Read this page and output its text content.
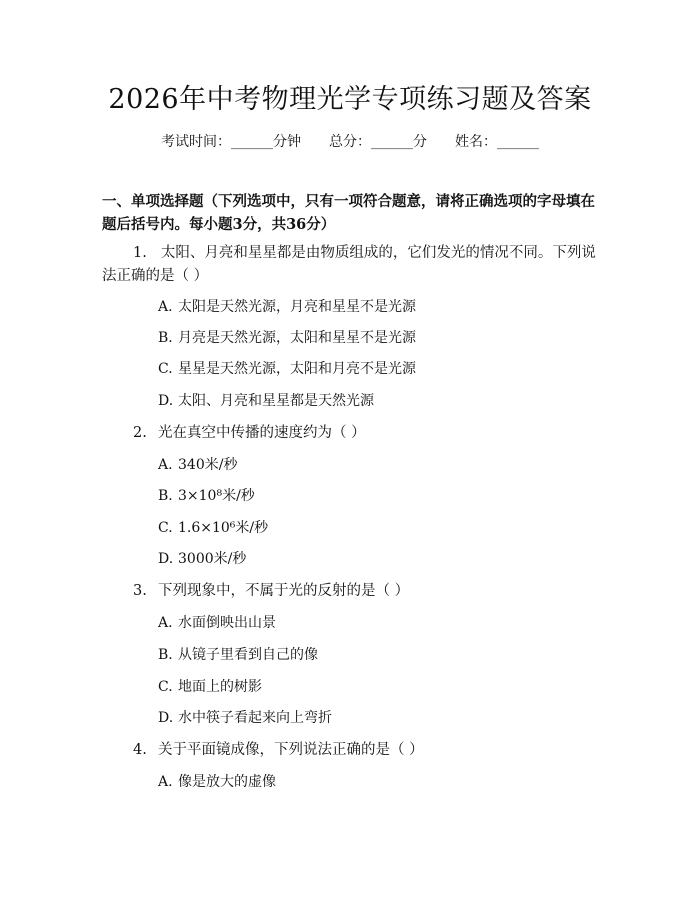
2026年中考物理光学专项练习题及答案
考试时间：______分钟 总分：______分 姓名：______
一、单项选择题（下列选项中，只有一项符合题意，请将正确选项的字母填在题后括号内。每小题3分，共36分）
1. 太阳、月亮和星星都是由物质组成的，它们发光的情况不同。下列说法正确的是（ ）
A. 太阳是天然光源，月亮和星星不是光源
B. 月亮是天然光源，太阳和星星不是光源
C. 星星是天然光源，太阳和月亮不是光源
D. 太阳、月亮和星星都是天然光源
2. 光在真空中传播的速度约为（ ）
A. 340米/秒
B. 3×10⁸米/秒
C. 1.6×10⁶米/秒
D. 3000米/秒
3. 下列现象中，不属于光的反射的是（ ）
A. 水面倒映出山景
B. 从镜子里看到自己的像
C. 地面上的树影
D. 水中筷子看起来向上弯折
4. 关于平面镜成像，下列说法正确的是（ ）
A. 像是放大的虚像
